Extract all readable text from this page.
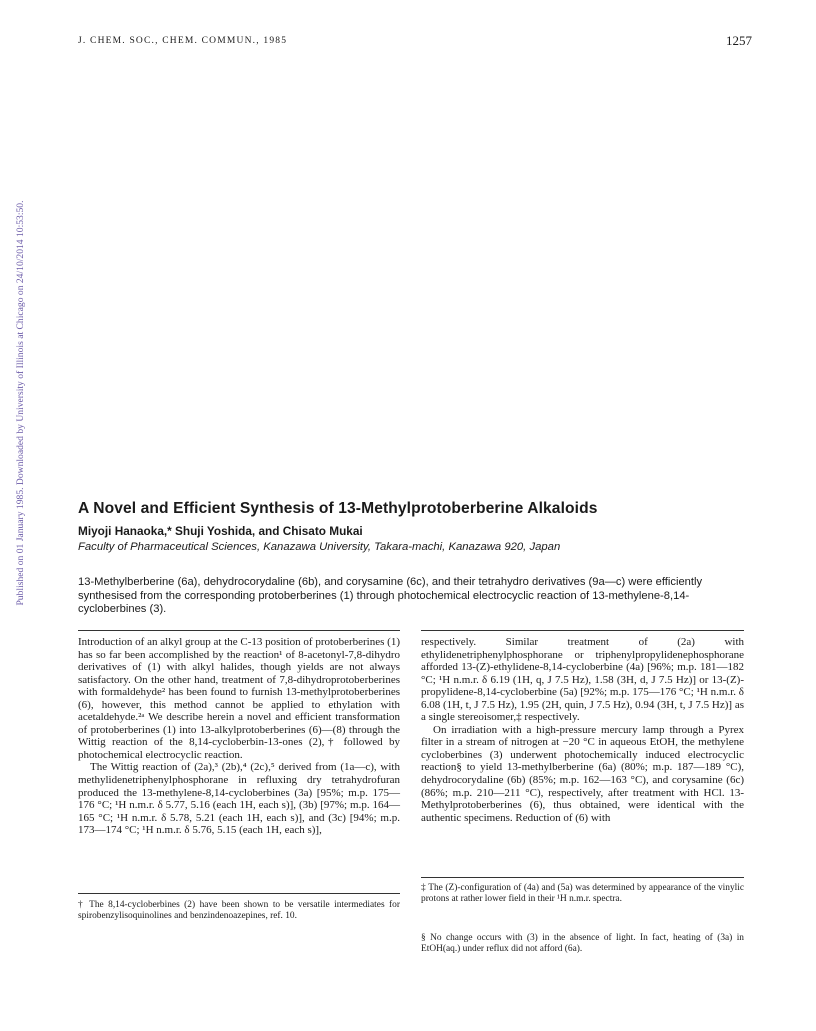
J. CHEM. SOC., CHEM. COMMUN., 1985	1257
Published on 01 January 1985. Downloaded by University of Illinois at Chicago on 24/10/2014 10:53:50.	A Novel and Efficient Synthesis of 13-Methylprotoberberine Alkaloids
Miyoji Hanaoka,* Shuji Yoshida, and Chisato Mukai
Faculty of Pharmaceutical Sciences, Kanazawa University, Takara-machi, Kanazawa 920, Japan
13-Methylberberine (6a), dehydrocorydaline (6b), and corysamine (6c), and their tetrahydro derivatives (9a—c) were efficiently synthesised from the corresponding protoberberines (1) through photochemical electrocyclic reaction of 13-methylene-8,14-cycloberbines (3).

Introduction of an alkyl group at the C-13 position of protoberberines (1) has so far been accomplished by the reaction¹ of 8-acetonyl-7,8-dihydro derivatives of (1) with alkyl halides, though yields are not always satisfactory. On the other hand, treatment of 7,8-dihydroprotoberberines with formaldehyde² has been found to furnish 13-methylprotoberberines (6), however, this method cannot be applied to ethylation with acetaldehyde.²ᵃ We describe herein a novel and efficient transformation of protoberberines (1) into 13-alkylprotoberberines (6)—(8) through the Wittig reaction of the 8,14-cycloberbin-13-ones (2),† followed by photochemical electrocyclic reaction.

The Wittig reaction of (2a),³ (2b),⁴ (2c),⁵ derived from (1a—c), with methylidenetriphenylphosphorane in refluxing dry tetrahydrofuran produced the 13-methylene-8,14-cycloberbines (3a) [95%; m.p. 175—176 °C; ¹H n.m.r. δ 5.77, 5.16 (each 1H, each s)], (3b) [97%; m.p. 164—165 °C; ¹H n.m.r. δ 5.78, 5.21 (each 1H, each s)], and (3c) [94%; m.p. 173—174 °C; ¹H n.m.r. δ 5.76, 5.15 (each 1H, each s)],

respectively. Similar treatment of (2a) with ethylidenetriphenylphosphorane or triphenylpropylidenephosphorane afforded 13-(Z)-ethylidene-8,14-cycloberbine (4a) [96%; m.p. 181—182 °C; ¹H n.m.r. δ 6.19 (1H, q, J 7.5 Hz), 1.58 (3H, d, J 7.5 Hz)] or 13-(Z)-propylidene-8,14-cycloberbine (5a) [92%; m.p. 175—176 °C; ¹H n.m.r. δ 6.08 (1H, t, J 7.5 Hz), 1.95 (2H, quin, J 7.5 Hz), 0.94 (3H, t, J 7.5 Hz)] as a single stereoisomer,‡ respectively.

On irradiation with a high-pressure mercury lamp through a Pyrex filter in a stream of nitrogen at −20 °C in aqueous EtOH, the methylene cycloberbines (3) underwent photochemically induced electrocyclic reaction§ to yield 13-methylberberine (6a) (80%; m.p. 187—189 °C), dehydrocorydaline (6b) (85%; m.p. 162—163 °C), and corysamine (6c) (86%; m.p. 210—211 °C), respectively, after treatment with HCl. 13-Methylprotoberberines (6), thus obtained, were identical with the authentic specimens. Reduction of (6) with

† The 8,14-cycloberbines (2) have been shown to be versatile intermediates for spirobenzylisoquinolines and benzindenoazepines, ref. 10.
‡ The (Z)-configuration of (4a) and (5a) was determined by appearance of the vinylic protons at rather lower field in their ¹H n.m.r. spectra.
§ No change occurs with (3) in the absence of light. In fact, heating of (3a) in EtOH(aq.) under reflux did not afford (6a).
